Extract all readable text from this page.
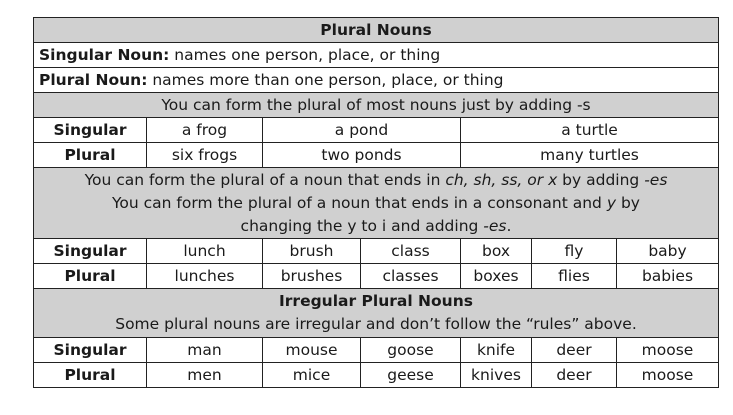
Plural Nouns						
Singular Noun: names one person, place, or thing						
Plural Noun: names more than one person, place, or thing						
You can form the plural of most nouns just by adding -s						
Singular	a frog	a pond		a turtle		
Plural	six frogs	two ponds		many turtles		

You can form the plural of a noun that ends in ch, sh, ss, or x by adding -es
You can form the plural of a noun that ends in a consonant and y by changing the y to i and adding -es.						

Singular	lunch	brush	class	box	fly	baby
Plural	lunches	brushes	classes	boxes	flies	babies

Irregular Plural Nouns
Some plural nouns are irregular and don’t follow the “rules” above.						

Singular	man	mouse	goose	knife	deer	moose
Plural	men	mice	geese	knives	deer	moose
